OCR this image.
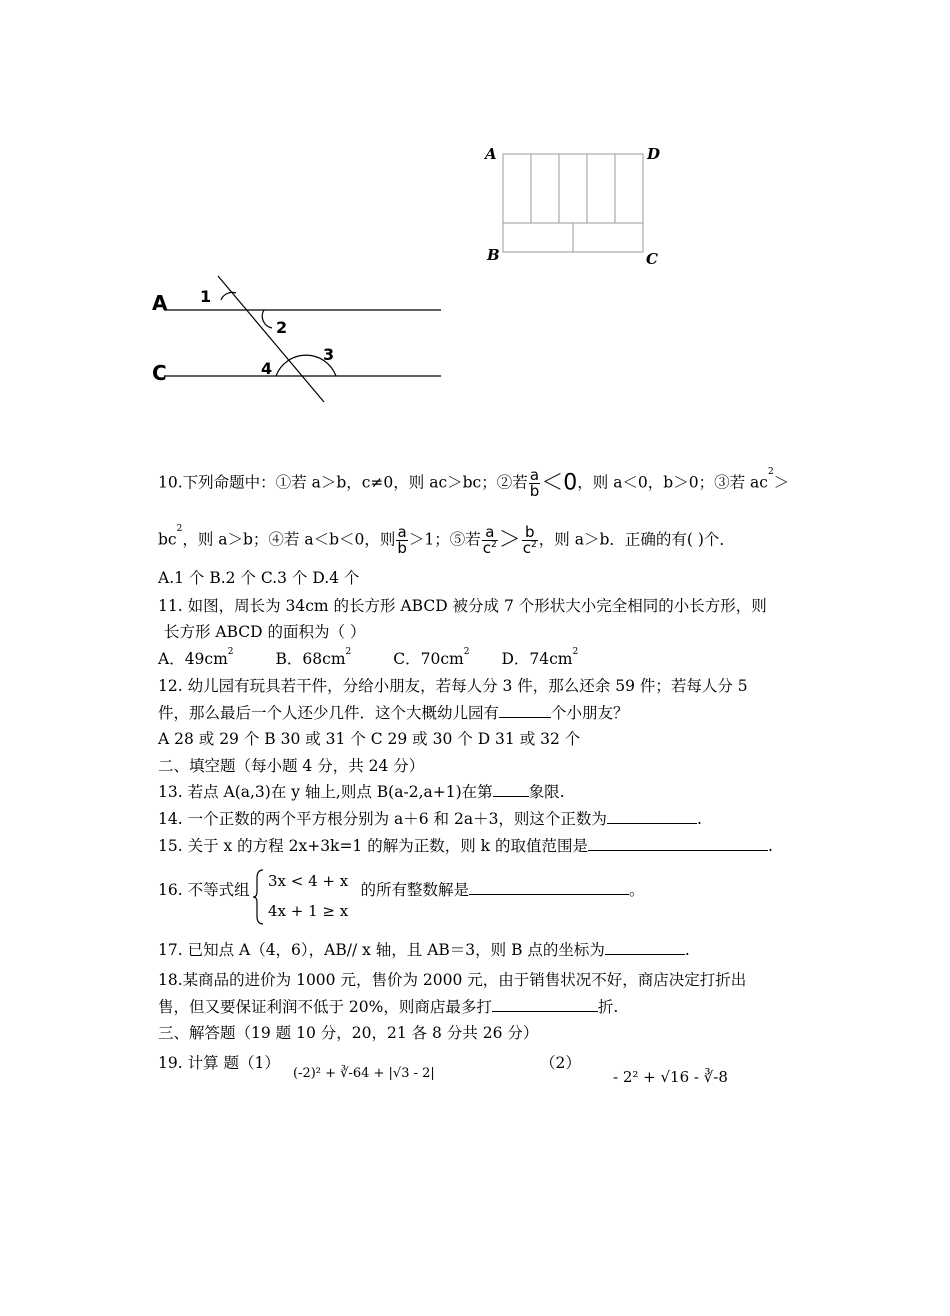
A	D
B	C
A
C
1
2
3
4
10.下列命题中：①若 a＞b，c≠0，则 ac＞bc；②若 $\frac{a}{b} <0$，则 a＜0，b＞0；③若 $ac^2>$
$bc^2$，则 a＞b；④若 a＜b＜0，则 $\frac{a}{b} >1$；⑤若 $\frac{a}{c^2} > \frac{b}{c^2}$ ，则 a＞b．正确的有( )个．
A.1 个 B.2 个 C.3 个 D.4 个
11. 如图，周长为 34cm 的长方形 ABCD 被分成 7 个形状大小完全相同的小长方形，则
长方形 ABCD 的面积为（ ）
A．$49cm^2$	B．$68cm^2$	C．$70cm^2$ D．$74cm^2$
12. 幼儿园有玩具若干件，分给小朋友，若每人分 3 件，那么还余 59 件；若每人分 5
件，那么最后一个人还少几件．这个大概幼儿园有	个小朋友？
A 28 或 29 个 B 30 或 31 个 C 29 或 30 个 D 31 或 32 个
二、填空题（每小题 4 分，共 24 分）
13. 若点 A(a,3)在 y 轴上,则点 B(a-2,a+1)在第 象限.
14. 一个正数的两个平方根分别为 a＋6 和 2a＋3，则这个正数为	.
15. 关于 x 的方程 2x+3k=1 的解为正数，则 k 的取值范围是	.
16. 不等式组	的所有整数解是	。
3x < 4 + x
4x + 1 ≥ x
17. 已知点 A（4，6），AB// x 轴，且 AB＝3，则 B 点的坐标为	.
18.某商品的进价为 1000 元，售价为 2000 元，由于销售状况不好，商店决定打折出
售，但又要保证利润不低于 20%，则商店最多打	折.
三、解答题（19 题 10 分，20，21 各 8 分共 26 分）
19. 计算 题（1）
(-2)² + ∛-64 + |√3 - 2|
（2）
- 2² + √16 - ∛-8
